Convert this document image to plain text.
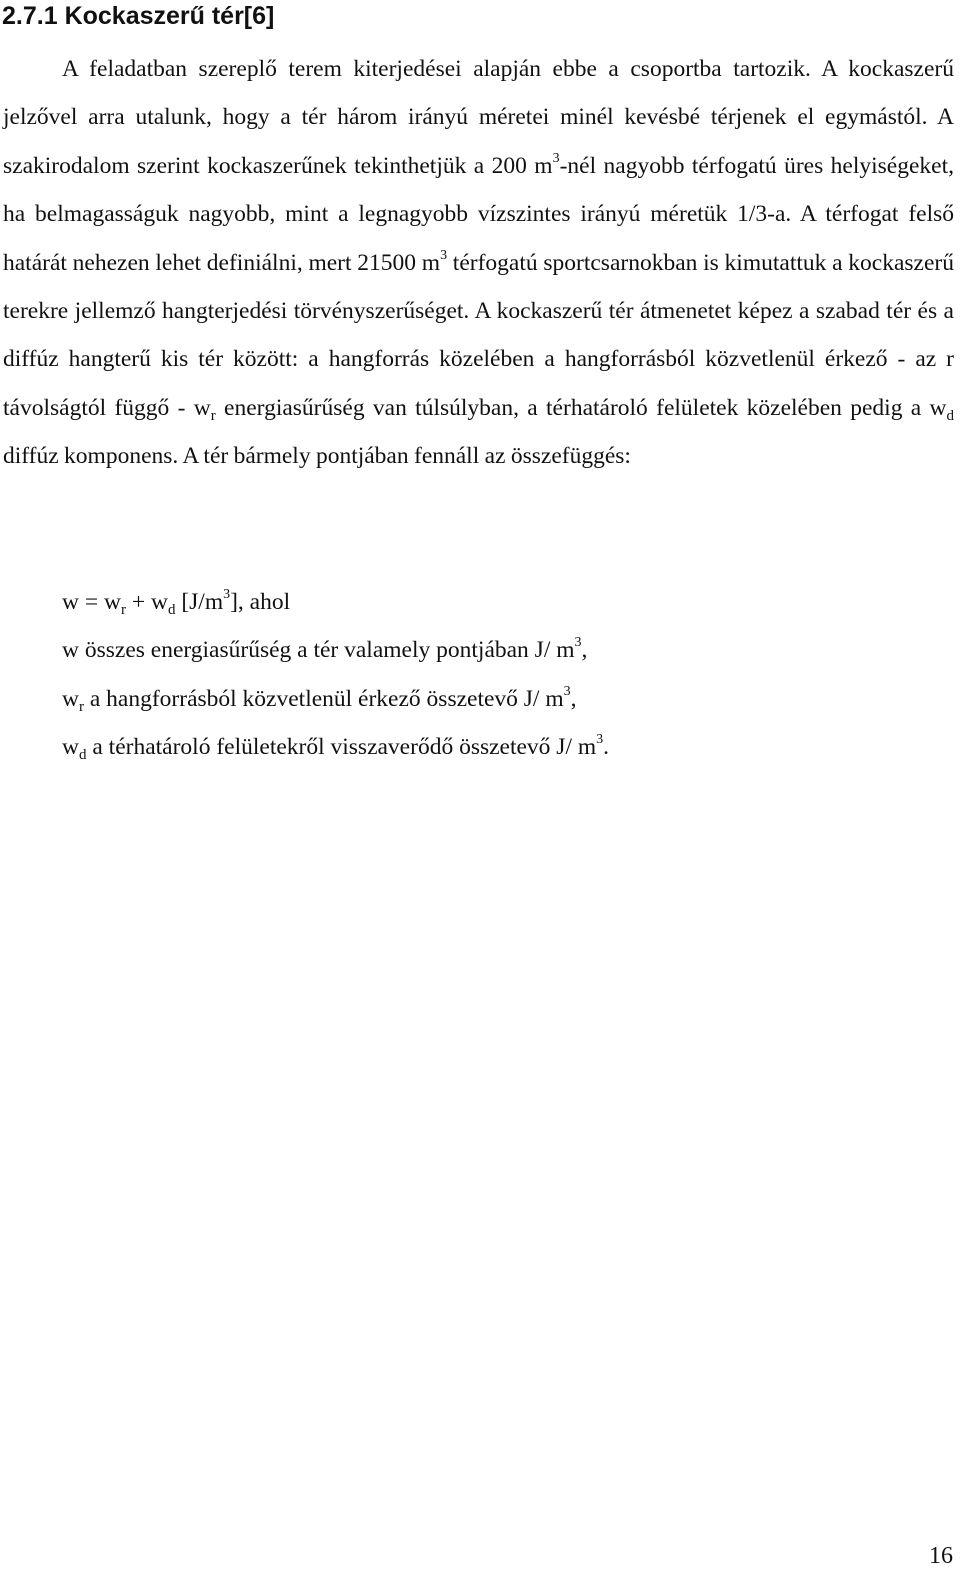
2.7.1 Kockaszerű tér[6]

A feladatban szereplő terem kiterjedései alapján ebbe a csoportba tartozik. A kockaszerű jelzővel arra utalunk, hogy a tér három irányú méretei minél kevésbé térjenek el egymástól. A szakirodalom szerint kockaszerűnek tekinthetjük a 200 $m^3$-nél nagyobb térfogatú üres helyiségeket, ha belmagasságuk nagyobb, mint a legnagyobb vízszintes irányú méretük 1/3-a. A térfogat felső határát nehezen lehet definiálni, mert 21500 $m^3$ térfogatú sportcsarnokban is kimutattuk a kockaszerű terekre jellemző hangterjedési törvényszerűséget. A kockaszerű tér átmenetet képez a szabad tér és a diffúz hangterű kis tér között: a hangforrás közelében a hangforrásból közvetlenül érkező - az r távolságtól függő - $w_r$ energiasűrűség van túlsúlyban, a térhatároló felületek közelében pedig a $w_d$ diffúz komponens. A tér bármely pontjában fennáll az összefüggés:

$w = w_r + w_d$ $[J/m^3]$, ahol
w összes energiasűrűség a tér valamely pontjában J/ $m^3$,
$w_r$ a hangforrásból közvetlenül érkező összetevő J/ $m^3$,
$w_d$ a térhatároló felületekről visszaverődő összetevő J/ $m^3$.
16
